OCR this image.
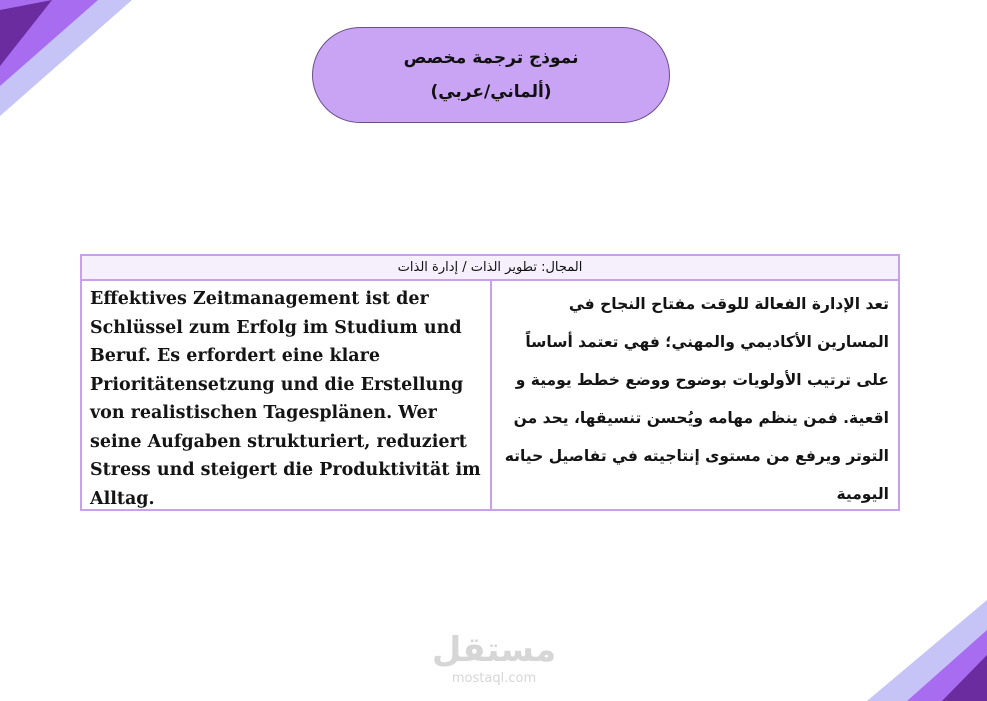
نموذج ترجمة مخصص
(ألماني/عربي)
المجال: تطوير الذات / إدارة الذات
Effektives Zeitmanagement ist der Schlüssel zum Erfolg im Studium und Beruf. Es erfordert eine klare Prioritätensetzung und die Erstellung von realistischen Tagesplänen. Wer seine Aufgaben strukturiert, reduziert Stress und steigert die Produktivität im Alltag.
تعد الإدارة الفعالة للوقت مفتاح النجاح في المسارين الأكاديمي والمهني؛ فهي تعتمد أساساً على ترتيب الأولويات بوضوح ووضع خطط يومية و اقعية. فمن ينظم مهامه ويُحسن تنسيقها، يحد من التوتر ويرفع من مستوى إنتاجيته في تفاصيل حياته اليومية
مستقل
mostaql.com
